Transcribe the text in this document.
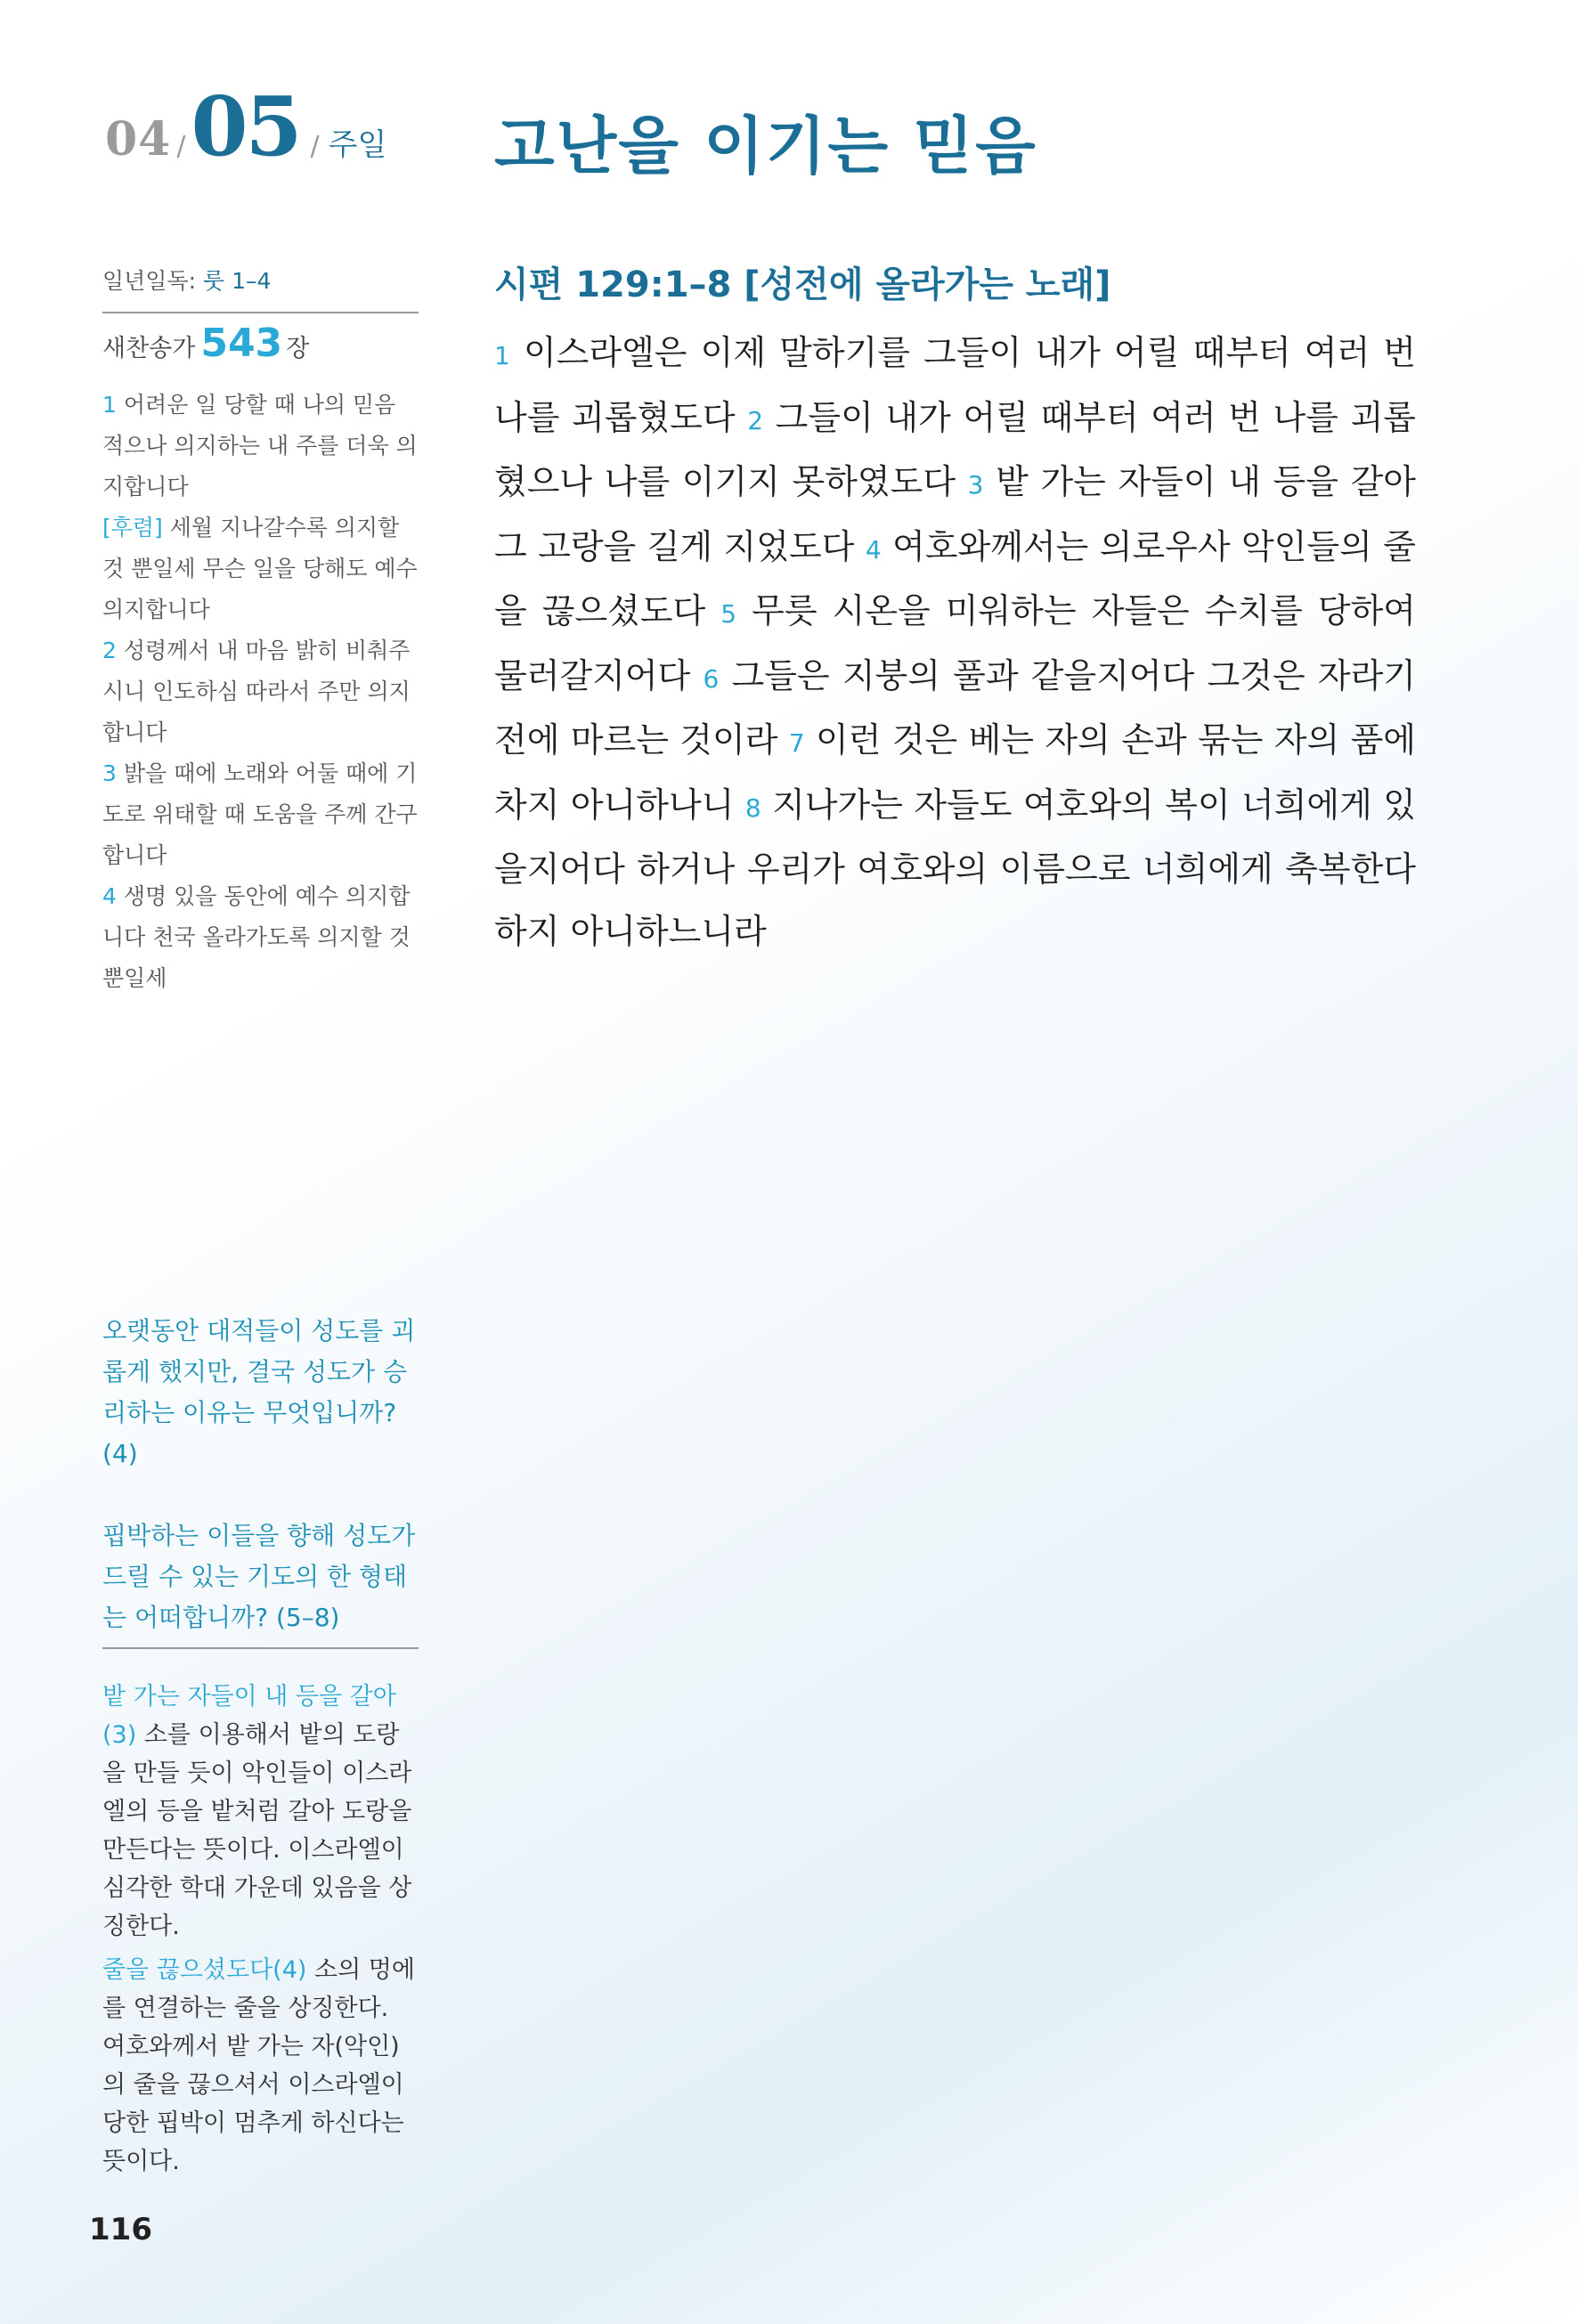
04 / 05 / 주일 고난을 이기는 믿음
일년일독: 룻 1–4
새찬송가 543 장

1 어려운 일 당할 때 나의 믿음 적으나 의지하는 내 주를 더욱 의지합니다

[후렴] 세월 지나갈수록 의지할 것 뿐일세 무슨 일을 당해도 예수 의지합니다

2 성령께서 내 마음 밝히 비춰주시니 인도하심 따라서 주만 의지합니다

3 밝을 때에 노래와 어둘 때에 기도로 위태할 때 도움을 주께 간구합니다

4 생명 있을 동안에 예수 의지합니다 천국 올라가도록 의지할 것뿐일세

오랫동안 대적들이 성도를 괴롭게 했지만, 결국 성도가 승리하는 이유는 무엇입니까? (4)

핍박하는 이들을 향해 성도가 드릴 수 있는 기도의 한 형태는 어떠합니까? (5–8)

밭 가는 자들이 내 등을 갈아(3) 소를 이용해서 밭의 도랑을 만들 듯이 악인들이 이스라엘의 등을 밭처럼 갈아 도랑을 만든다는 뜻이다. 이스라엘이 심각한 학대 가운데 있음을 상징한다.

줄을 끊으셨도다(4) 소의 멍에를 연결하는 줄을 상징한다. 여호와께서 밭 가는 자(악인)의 줄을 끊으셔서 이스라엘이 당한 핍박이 멈추게 하신다는 뜻이다.

116
시편 129:1–8 [성전에 올라가는 노래]

1 이스라엘은 이제 말하기를 그들이 내가 어릴 때부터 여러 번 나를 괴롭혔도다 2 그들이 내가 어릴 때부터 여러 번 나를 괴롭혔으나 나를 이기지 못하였도다 3 밭 가는 자들이 내 등을 갈아 그 고랑을 길게 지었도다 4 여호와께서는 의로우사 악인들의 줄을 끊으셨도다 5 무릇 시온을 미워하는 자들은 수치를 당하여 물러갈지어다 6 그들은 지붕의 풀과 같을지어다 그것은 자라기 전에 마르는 것이라 7 이런 것은 베는 자의 손과 묶는 자의 품에 차지 아니하나니 8 지나가는 자들도 여호와의 복이 너희에게 있을지어다 하거나 우리가 여호와의 이름으로 너희에게 축복한다 하지 아니하느니라
